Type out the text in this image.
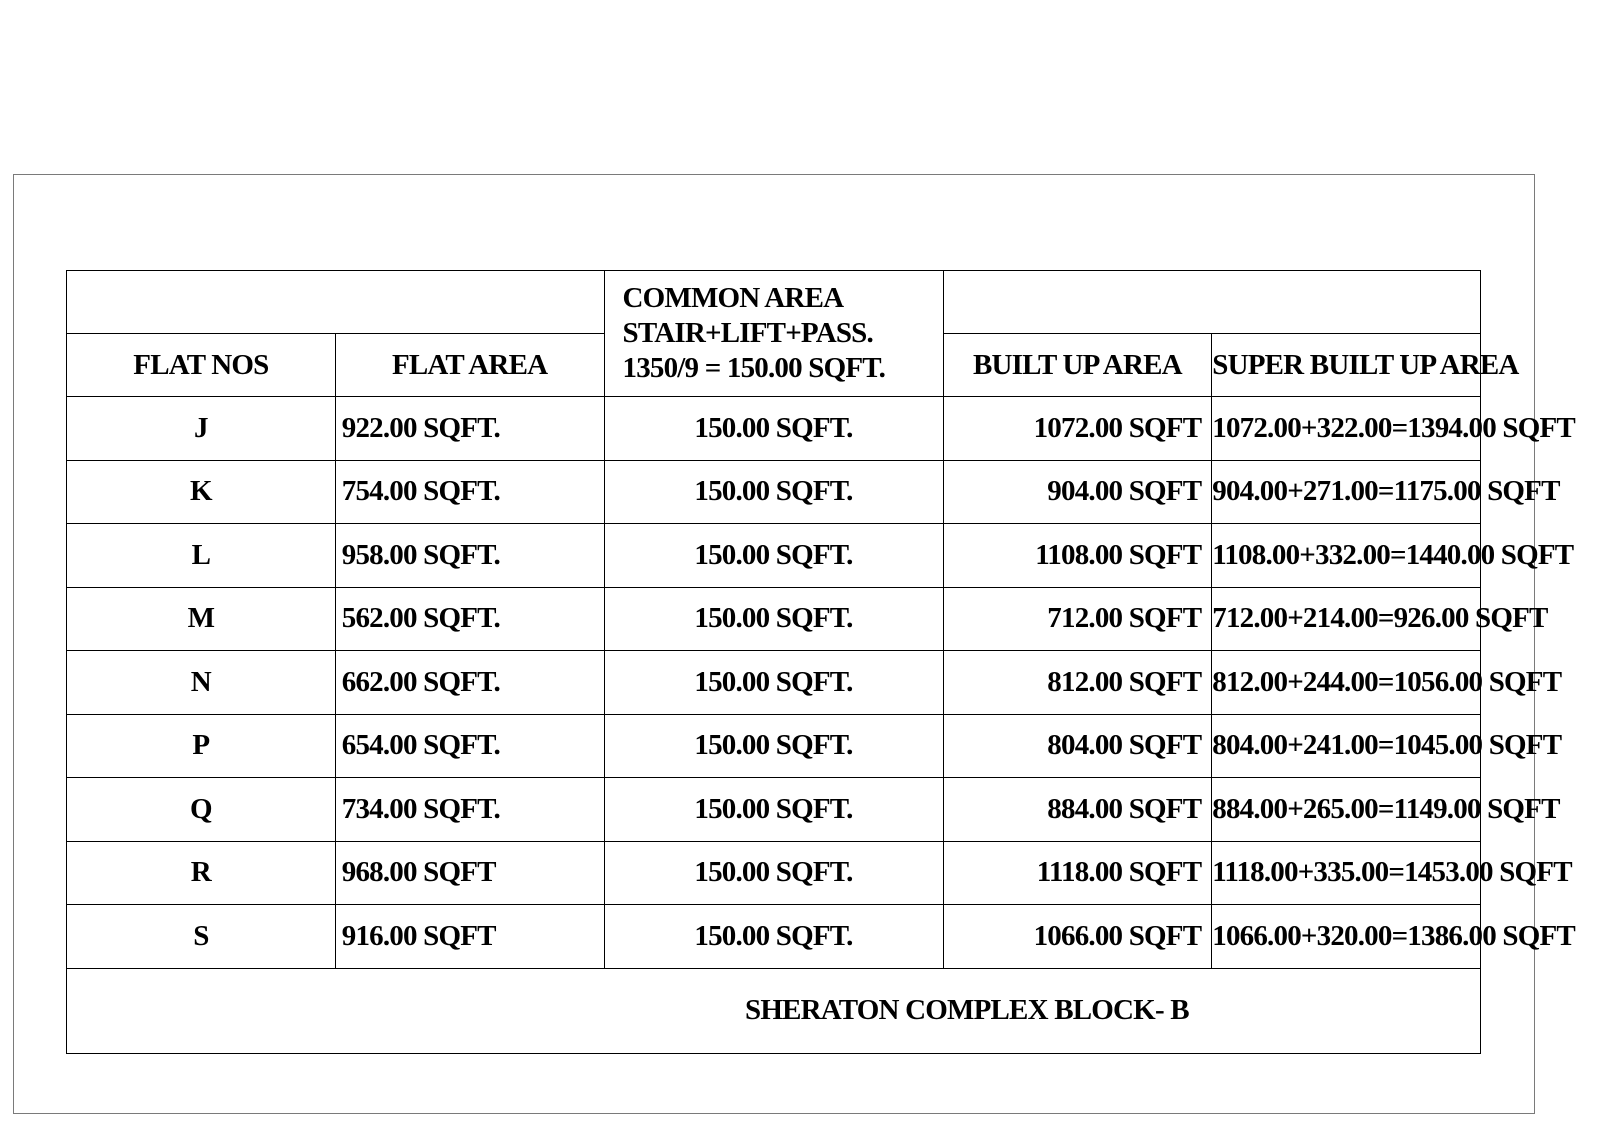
		COMMON AREA
STAIR+LIFT+PASS.
1350/9 = 150.00 SQFT.		

FLAT NOS	FLAT AREA		BUILT UP AREA	SUPER BUILT UP AREA
J	922.00 SQFT.	150.00 SQFT.	1072.00 SQFT	1072.00+322.00=1394.00 SQFT
K	754.00 SQFT.	150.00 SQFT.	904.00 SQFT	904.00+271.00=1175.00 SQFT
L	958.00 SQFT.	150.00 SQFT.	1108.00 SQFT	1108.00+332.00=1440.00 SQFT
M	562.00 SQFT.	150.00 SQFT.	712.00 SQFT	712.00+214.00=926.00 SQFT
N	662.00 SQFT.	150.00 SQFT.	812.00 SQFT	812.00+244.00=1056.00 SQFT
P	654.00 SQFT.	150.00 SQFT.	804.00 SQFT	804.00+241.00=1045.00 SQFT
Q	734.00 SQFT.	150.00 SQFT.	884.00 SQFT	884.00+265.00=1149.00 SQFT
R	968.00 SQFT	150.00 SQFT.	1118.00 SQFT	1118.00+335.00=1453.00 SQFT
S	916.00 SQFT	150.00 SQFT.	1066.00 SQFT	1066.00+320.00=1386.00 SQFT
SHERATON COMPLEX BLOCK- B				
